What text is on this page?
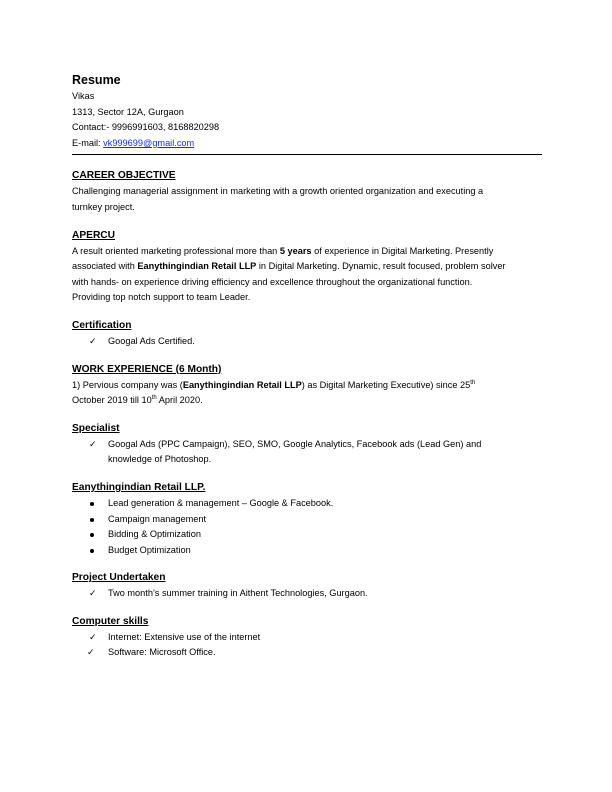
Resume
Vikas
1313, Sector 12A, Gurgaon
Contact:- 9996991603, 8168820298
E-mail: vk999699@gmail.com
CAREER OBJECTIVE
Challenging managerial assignment in marketing with a growth oriented organization and executing a
turnkey project.
APERCU
A result oriented marketing professional more than 5 years of experience in Digital Marketing. Presently
associated with Eanythingindian Retail LLP in Digital Marketing. Dynamic, result focused, problem solver
with hands- on experience driving efficiency and excellence throughout the organizational function.
Providing top notch support to team Leader.
Certification
✓	Googal Ads Certified.
WORK EXPERIENCE (6 Month)
1) Pervious company was (Eanythingindian Retail LLP) as Digital Marketing Executive) since 25th
October 2019 till 10th April 2020.
Specialist
✓	Googal Ads (PPC Campaign), SEO, SMO, Google Analytics, Facebook ads (Lead Gen) and
knowledge of Photoshop.
Eanythingindian Retail LLP.
Lead generation & management – Google & Facebook.
Campaign management
Bidding & Optimization
Budget Optimization
Project Undertaken
✓	Two month’s summer training in Aithent Technologies, Gurgaon.
Computer skills
✓	Internet: Extensive use of the internet
✓	Software: Microsoft Office.
